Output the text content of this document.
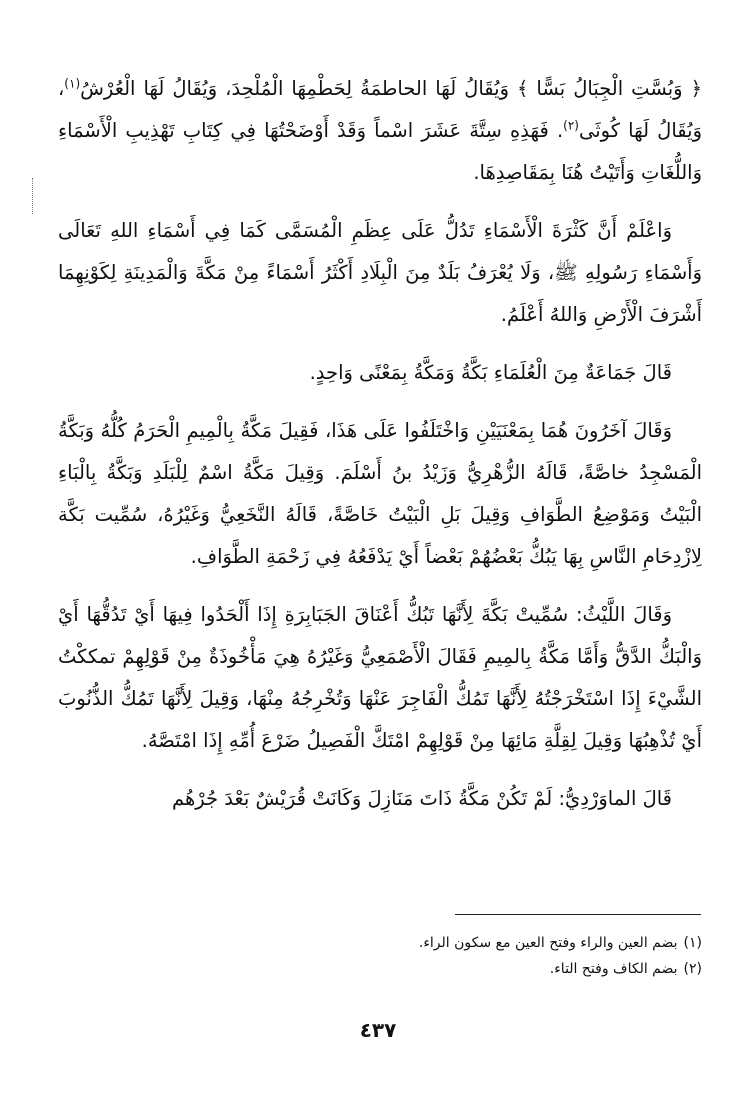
﴿ وَبُسَّتِ الْجِبَالُ بَسًّا ﴾ وَيُقَالُ لَهَا الحاطمَةُ لِحَطْمِهَا الْمُلْحِدَ، وَيُقَالُ لَهَا الْعُرْشُ$^{(١)}$، وَيُقَالُ لَهَا كُوثَى$^{(٢)}$. فَهَذِهِ سِتَّةَ عَشَرَ اسْماً وَقَدْ أَوْضَحْتُهَا فِي كِتَابِ تَهْذِيبِ الْأَسْمَاءِ وَاللُّغَاتِ وَأَتَيْتُ هُنَا بِمَقَاصِدِهَا.

وَاعْلَمْ أَنَّ كَثْرَةَ الْأَسْمَاءِ تَدُلُّ عَلَى عِظَمِ الْمُسَمَّى كَمَا فِي أَسْمَاءِ اللهِ تَعَالَى وَأَسْمَاءِ رَسُولِهِ ﷺ، وَلَا يُعْرَفُ بَلَدٌ مِنَ الْبِلَادِ أَكْثَرُ أَسْمَاءً مِنْ مَكَّةَ وَالْمَدِينَةِ لِكَوْنِهِمَا أَشْرَفَ الْأَرْضِ وَاللهُ أَعْلَمُ.

قَالَ جَمَاعَةٌ مِنَ الْعُلَمَاءِ بَكَّةُ وَمَكَّةُ بِمَعْنًى وَاحِدٍ.

وَقَالَ آخَرُونَ هُمَا بِمَعْنَيَيْنِ وَاخْتَلَفُوا عَلَى هَذَا، فَقِيلَ مَكَّةُ بِالْمِيمِ الْحَرَمُ كُلُّهُ وَبَكَّةُ الْمَسْجِدُ خاصَّةً، قَالَهُ الزُّهْرِيُّ وَزَيْدُ بنُ أَسْلَمَ. وَقِيلَ مَكَّةُ اسْمٌ لِلْبَلَدِ وَبَكَّةُ بِالْبَاءِ الْبَيْتُ وَمَوْضِعُ الطَّوَافِ وَقِيلَ بَلِ الْبَيْتُ خَاصَّةً، قَالَهُ النَّخَعِيُّ وَغَيْرُهُ، سُمِّيت بَكَّة لِازْدِحَامِ النَّاسِ بِهَا يَبُكُّ بَعْضُهُمْ بَعْضاً أَيْ يَدْفَعُهُ فِي زَحْمَةِ الطَّوَافِ.

وَقَالَ اللَّيْثُ: سُمِّيتْ بَكَّةَ لِأَنَّهَا تَبُكُّ أَعْنَاقَ الجَبَابِرَةِ إِذَا أَلْحَدُوا فِيهَا أَيْ تَدُقُّهَا أَيْ وَالْبَكُّ الدَّقُّ وَأَمَّا مَكَّةُ بِالمِيمِ فَقَالَ الْأَصْمَعِيُّ وَغَيْرُهُ هِيَ مَأْخُوذَةٌ مِنْ قَوْلِهِمْ تمككْتُ الشَّيْءَ إِذَا اسْتَخْرَجْتُهُ لِأَنَّهَا تَمُكُّ الْفَاجِرَ عَنْهَا وَتُخْرِجُهُ مِنْهَا، وَقِيلَ لِأَنَّهَا تَمُكُّ الذُّنُوبَ أَيْ تُذْهِبُهَا وَقِيلَ لِقِلَّةِ مَائِهَا مِنْ قَوْلِهِمْ امْتَكَّ الْفَصِيلُ ضَرْعَ أُمِّهِ إِذَا امْتَصَّهُ.

قَالَ الماوَرْدِيُّ: لَمْ تَكُنْ مَكَّةُ ذَاتَ مَنَازِلَ وَكَانَتْ قُرَيْشٌ بَعْدَ جُرْهُم

(١)بضم العين والراء وفتح العين مع سكون الراء.

(٢)بضم الكاف وفتح التاء.

٤٣٧
